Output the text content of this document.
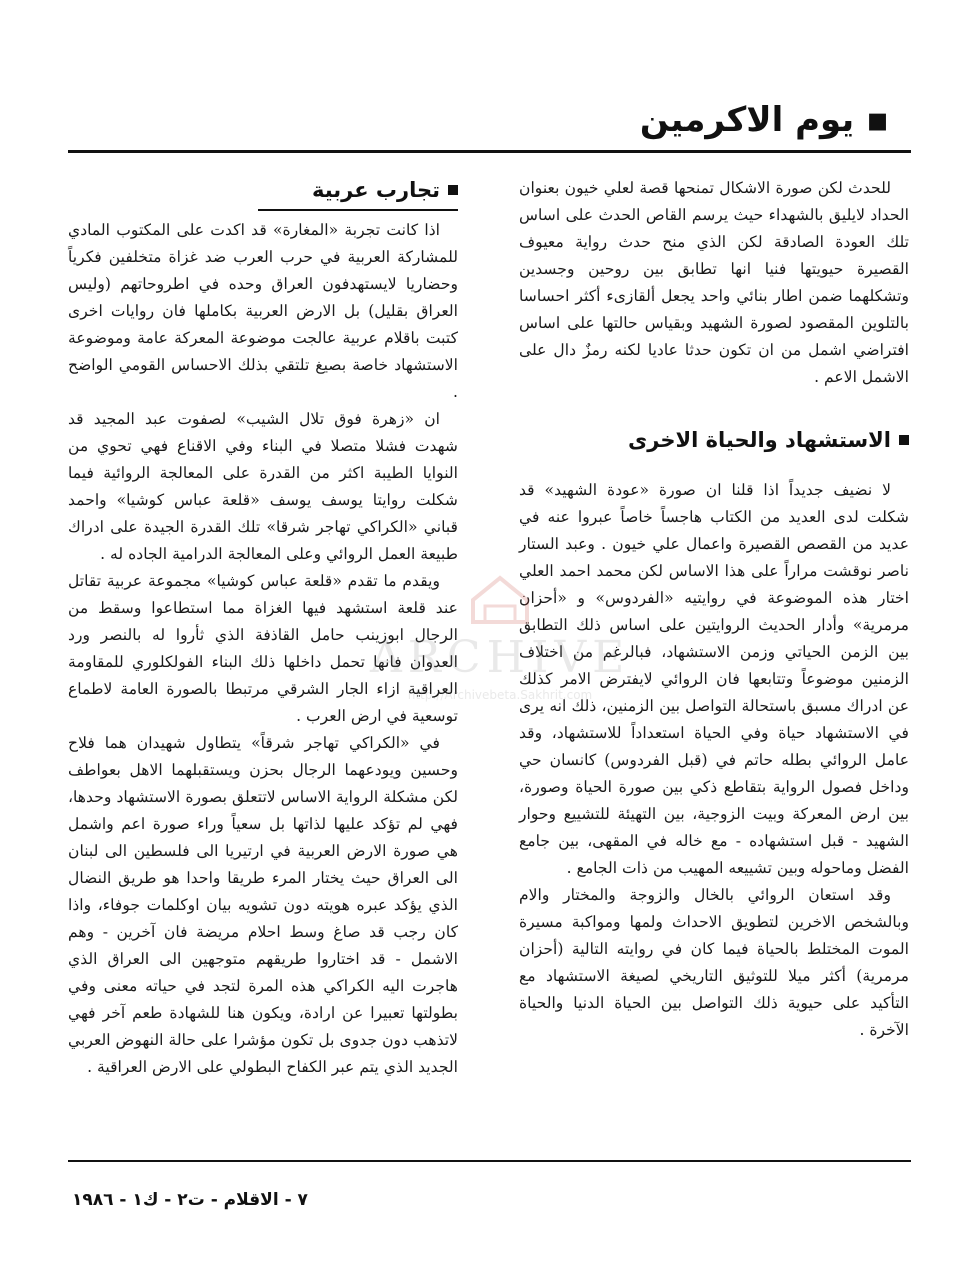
▪ يوم الاكرمين

للحدث لكن صورة الاشكال تمنحها قصة لعلي خيون بعنوان الحداد لايليق بالشهداء حيث يرسم القاص الحدث على اساس تلك العودة الصادقة لكن الذي منح حدث رواية معيوف القصيرة حيويتها فنيا انها تطابق بين روحين وجسدين وتشكلهما ضمن اطار بنائي واحد يجعل ألقازىء أكثر احساسا بالتلوين المقصود لصورة الشهيد وبقياس حالتها على اساس افتراضي اشمل من ان تكون حدثا عاديا لكنه رمزٌ دال على الاشمل الاعم .

الاستشهاد والحياة الاخرى

لا نضيف جديداً اذا قلنا ان صورة «عودة الشهيد» قد شكلت لدى العديد من الكتاب هاجساً خاصاً عبروا عنه في عديد من القصص القصيرة واعمال علي خيون . وعبد الستار ناصر نوقشت مراراً على هذا الاساس لكن محمد احمد العلي اختار هذه الموضوعة في روايتيه «الفردوس» و «أحزان مرمرية» وأدار الحديث الروايتين على اساس ذلك التطابق بين الزمن الحياتي وزمن الاستشهاد، فبالرغم من اختلاف الزمنين موضوعاً وتتابعها فان الروائي لايفترض الامر كذلك عن ادراك مسبق باستحالة التواصل بين الزمنين، ذلك انه يرى في الاستشهاد حياة وفي الحياة استعداداً للاستشهاد، وقد عامل الروائي بطله حاتم في (قبل الفردوس) كانسان حي وداخل فصول الرواية بتقاطع ذكي بين صورة الحياة وصورة، بين ارض المعركة وبيت الزوجية، بين التهيئة للتشييع وحوار الشهيد - قبل استشهاده - مع خاله في المقهى، بين جامع الفضل وماحوله وبين تشييعه المهيب من ذات الجامع .

وقد استعان الروائي بالخال والزوجة والمختار والام وبالشخص الاخرين لتطويق الاحداث ولمها ومواكبة مسيرة الموت المختلط بالحياة فيما كان في روايته التالية (أحزان مرمرية) أكثر ميلا للتوثيق التاريخي لصيغة الاستشهاد مع التأكيد على حيوية ذلك التواصل بين الحياة الدنيا والحياة الآخرة .

تجارب عربية

اذا كانت تجربة «المغارة» قد اكدت على المكتوب المادي للمشاركة العربية في حرب العرب ضد غزاة متخلفين فكرياً وحضاريا لايستهدفون العراق وحده في اطروحاتهم (وليس العراق بقليل) بل الارض العربية بكاملها فان روايات اخرى كتبت باقلام عربية عالجت موضوعة المعركة عامة وموضوعة الاستشهاد خاصة بصيغ تلتقي بذلك الاحساس القومي الواضح .

ان «زهرة فوق تلال الشيب» لصفوت عبد المجيد قد شهدت فشلا متصلا في البناء وفي الاقناع فهي تحوي من النوايا الطيبة اكثر من القدرة على المعالجة الروائية فيما شكلت روايتا يوسف يوسف «قلعة عباس كوشيا» واحمد قباني «الكراكي تهاجر شرقا» تلك القدرة الجيدة على ادراك طبيعة العمل الروائي وعلى المعالجة الدرامية الجاده له .

ويقدم ما تقدم «قلعة عباس كوشيا» مجموعة عربية تقاتل عند قلعة استشهد فيها الغزاة مما استطاعوا وسقط من الرجال ابوزينب حامل القاذفة الذي ثأروا له بالنصر ورد العدوان فانها تحمل داخلها ذلك البناء الفولكلوري للمقاومة العراقية ازاء الجار الشرقي مرتبطا بالصورة العامة لاطماع توسعية في ارض العرب .

في «الكراكي تهاجر شرقاً» يتطاول شهيدان هما فلاح وحسين ويودعهما الرجال بحزن ويستقبلهما الاهل بعواطف لكن مشكلة الرواية الاساس لاتتعلق بصورة الاستشهاد وحدها، فهي لم تؤكد عليها لذاتها بل سعياً وراء صورة اعم واشمل هي صورة الارض العربية في ارتيريا الى فلسطين الى لبنان الى العراق حيث يختار المرء طريقا واحدا هو طريق النضال الذي يؤكد عبره هويته دون تشويه بيان اوكلمات جوفاء، واذا كان رجب قد صاغ وسط احلام مريضة فان آخرين - وهم الاشمل - قد اختاروا طريقهم متوجهين الى العراق الذي هاجرت اليه الكراكي هذه المرة لتجد في حياته معنى وفي بطولتها تعبيرا عن ارادة، ويكون هنا للشهادة طعم آخر فهي لاتذهب دون جدوى بل تكون مؤشرا على حالة النهوض العربي الجديد الذي يتم عبر الكفاح البطولي على الارض العراقية .

ARCHIVE
http://Archivebeta.Sakhrit.com
٧ - الاقلام - ت٢ - ك١ - ١٩٨٦
